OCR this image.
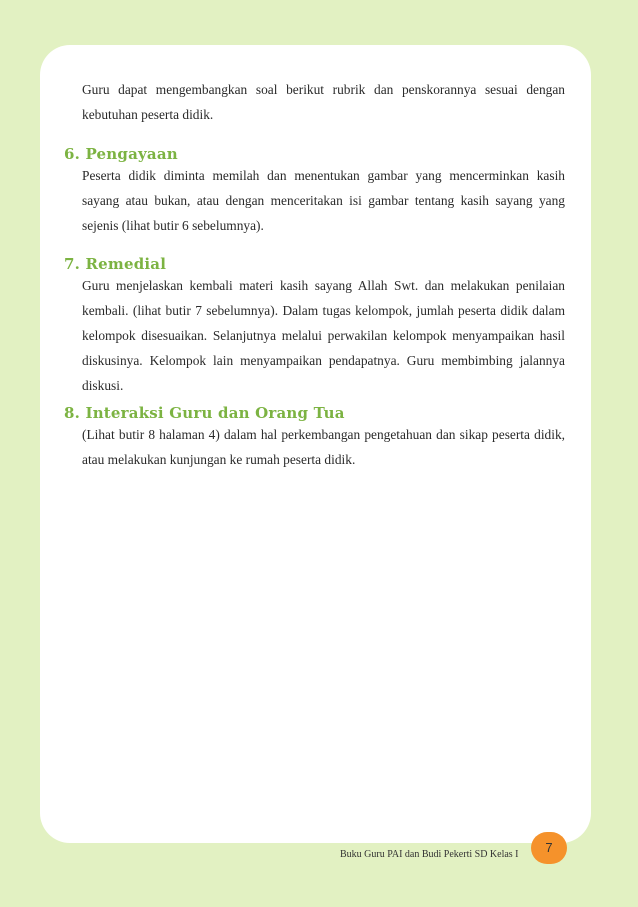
Guru dapat mengembangkan soal berikut rubrik dan penskorannya sesuai dengan kebutuhan peserta didik.

6. Pengayaan

Peserta didik diminta memilah dan menentukan gambar yang mencerminkan kasih sayang atau bukan, atau dengan menceritakan isi gambar tentang kasih sayang yang sejenis (lihat butir 6 sebelumnya).

7. Remedial

Guru menjelaskan kembali materi kasih sayang Allah Swt. dan melakukan penilaian kembali. (lihat butir 7 sebelumnya). Dalam tugas kelompok, jumlah peserta didik dalam kelompok disesuaikan. Selanjutnya melalui perwakilan kelompok menyampaikan hasil diskusinya. Kelompok lain menyampaikan pendapatnya. Guru membimbing jalannya diskusi.

8. Interaksi Guru dan Orang Tua

(Lihat butir 8 halaman 4) dalam hal perkembangan pengetahuan dan sikap peserta didik, atau melakukan kunjungan ke rumah peserta didik.

Buku Guru PAI dan Budi Pekerti SD Kelas I	7
